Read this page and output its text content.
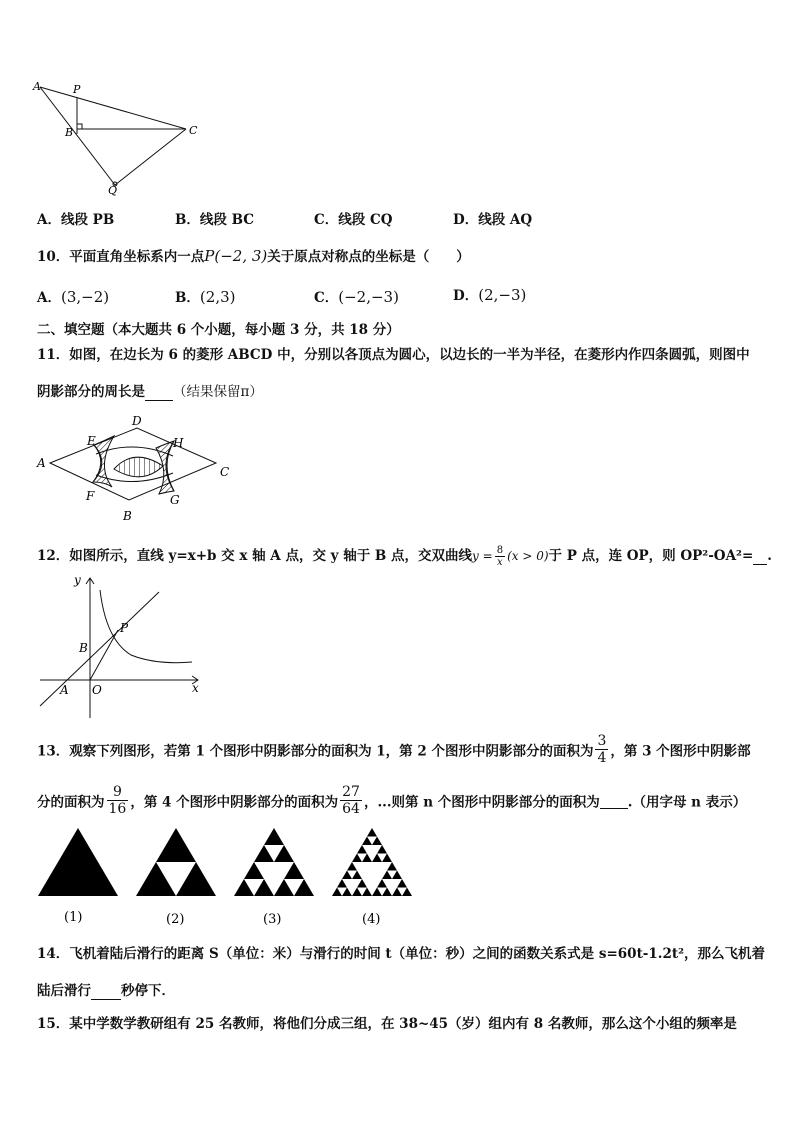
A	P
B	C
Q
A．线段 PB	B．线段 BC	C．线段 CQ	D．线段 AQ
10．平面直角坐标系内一点P(−2, 3)关于原点对称点的坐标是（　　）
A．(3,−2)	B．(2,3)	C．(−2,−3)	D．(2,−3)
二、填空题（本大题共 6 个小题，每小题 3 分，共 18 分）
11．如图，在边长为 6 的菱形 ABCD 中，分别以各顶点为圆心，以边长的一半为半径，在菱形内作四条圆弧，则图中
阴影部分的周长是 （结果保留π）
A
D
C
B
E
F	G
H
12．如图所示，直线 y=x+b 交 x 轴 A 点，交 y 轴于 B 点，交双曲线$y = \frac{8}{x} (x > 0)$于 P 点，连 OP，则 OP²-OA²= .
y
x
O
A
B
P
13．观察下列图形，若第 1 个图形中阴影部分的面积为 1，第 2 个图形中阴影部分的面积为 $\frac{3}{4}$ ，第 3 个图形中阴影部
分的面积为 $\frac{9}{16}$ ，第 4 个图形中阴影部分的面积为 $\frac{27}{64}$ ，...则第 n 个图形中阴影部分的面积为 .（用字母 n 表示）
(1)	(2)	(3)	(4)
14．飞机着陆后滑行的距离 S（单位：米）与滑行的时间 t（单位：秒）之间的函数关系式是 s=60t-1.2t²，那么飞机着
陆后滑行 秒停下．
15．某中学数学教研组有 25 名教师，将他们分成三组，在 38~45（岁）组内有 8 名教师，那么这个小组的频率是
